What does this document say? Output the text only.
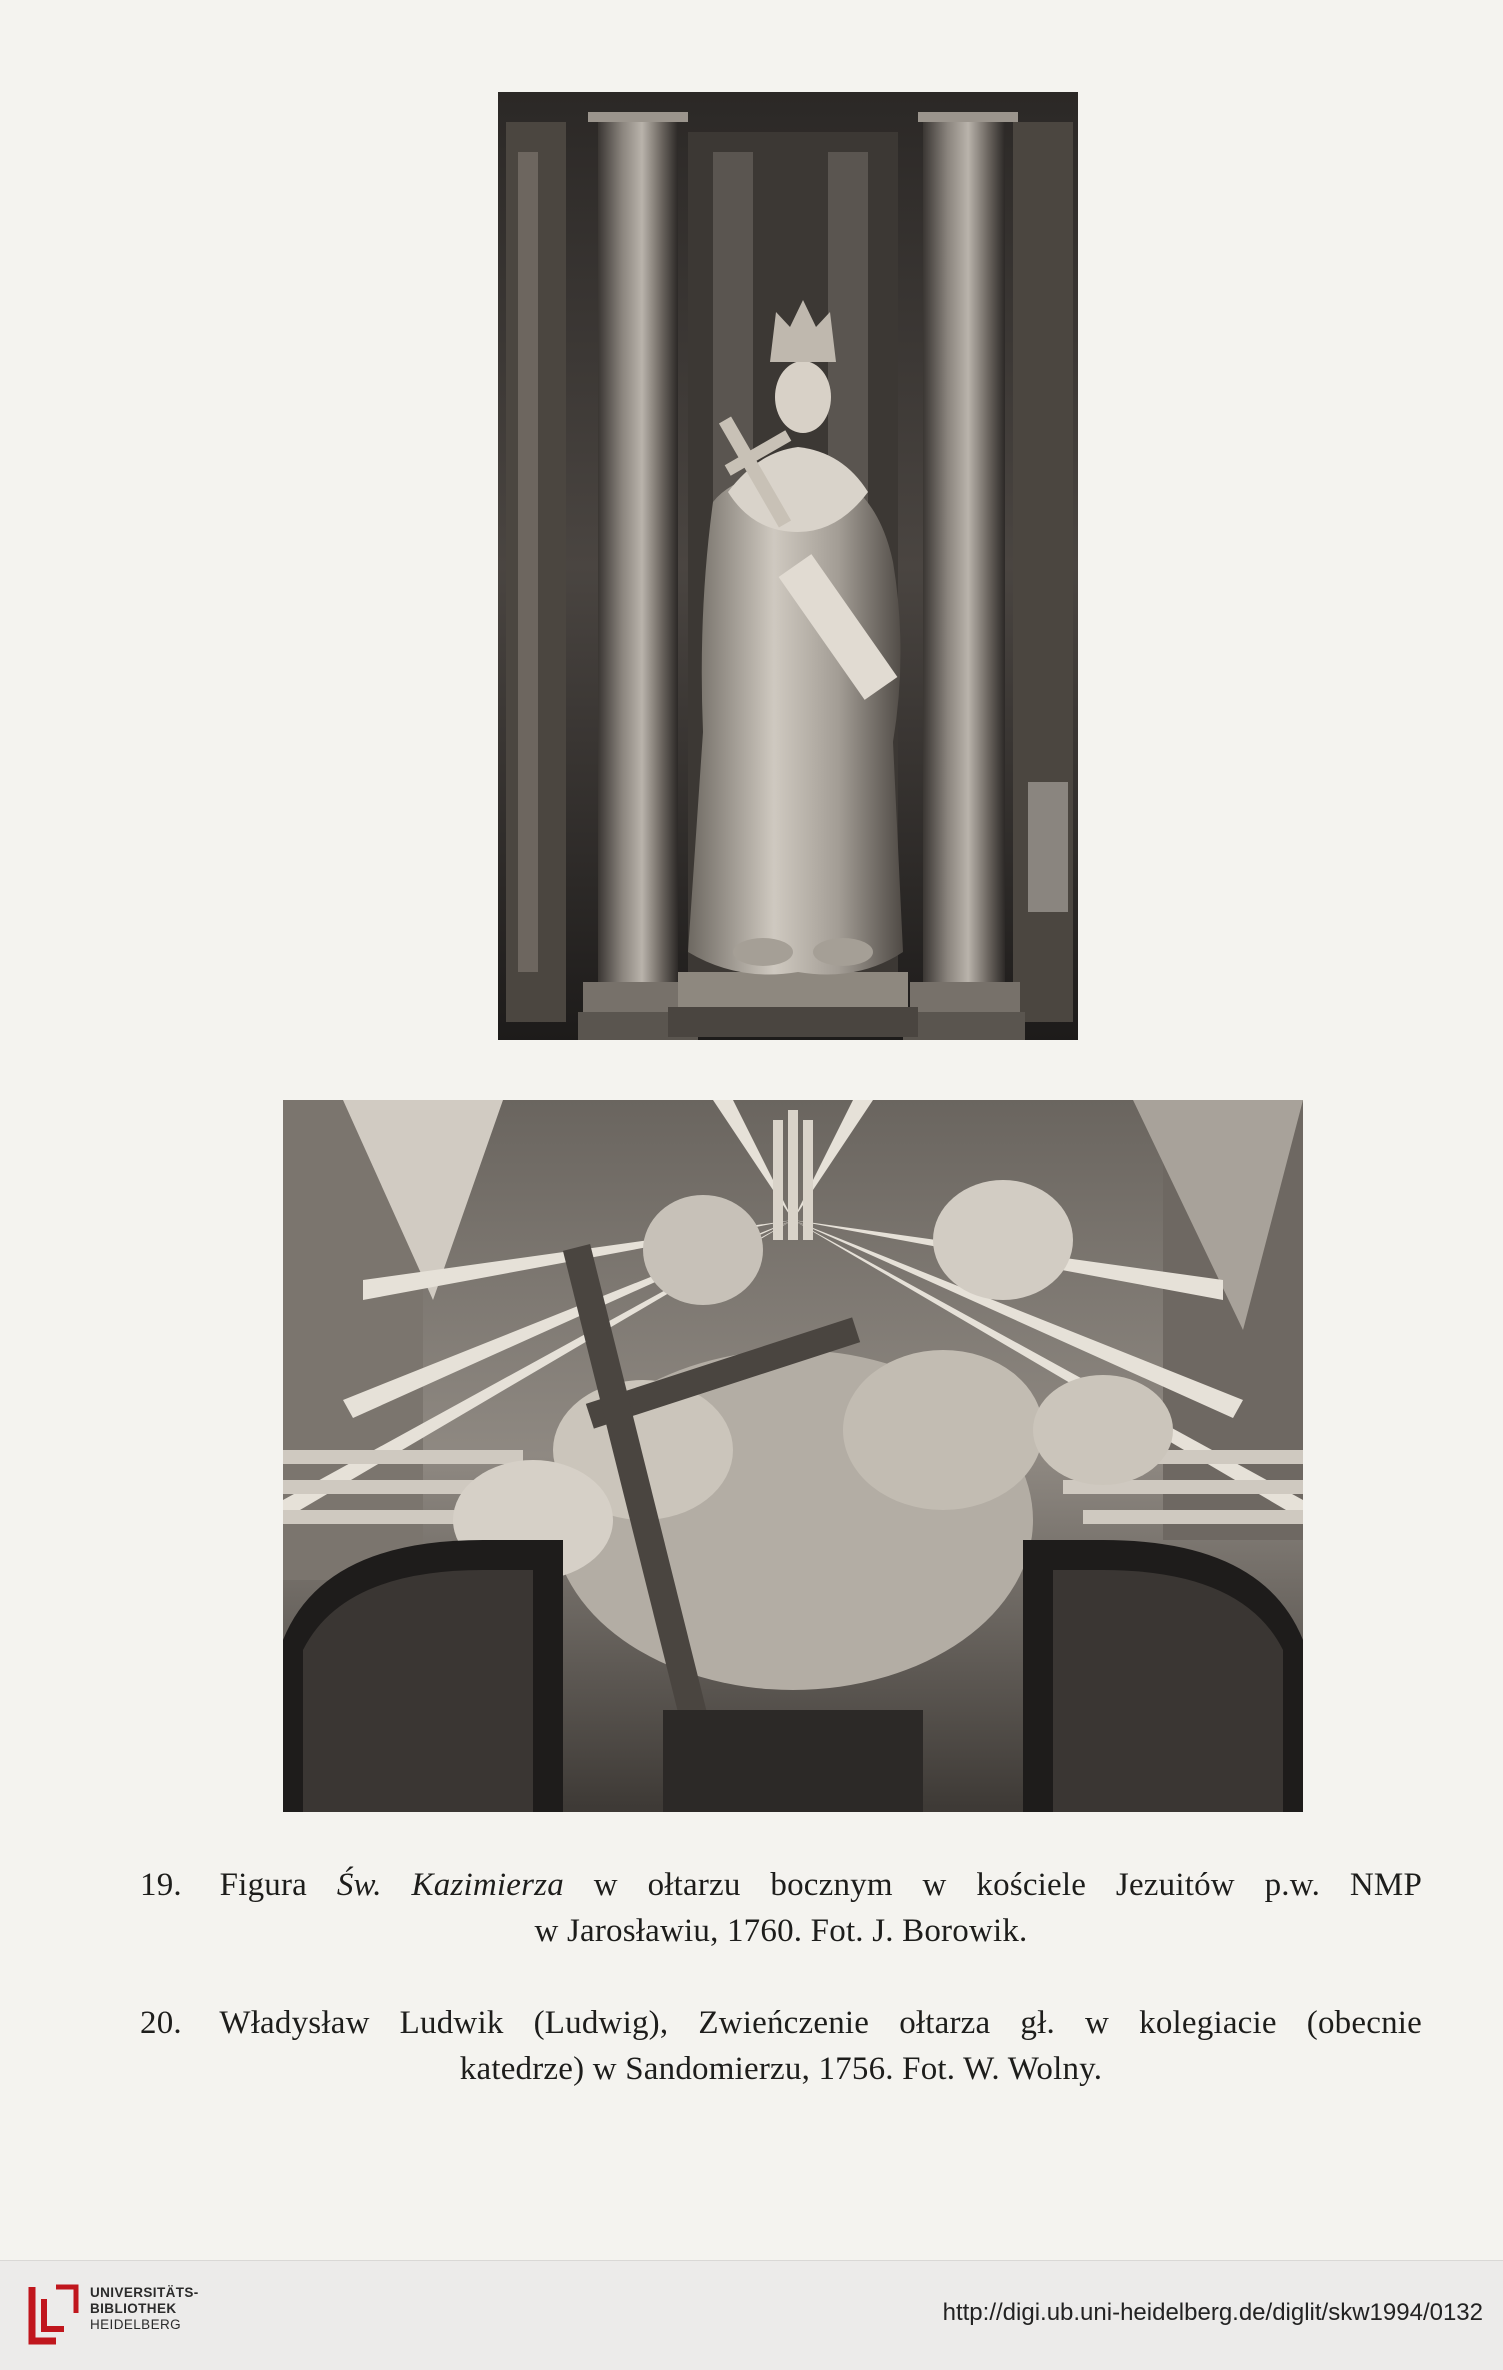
19. Figura Św. Kazimierza w ołtarzu bocznym w kościele Jezuitów p.w. NMP
w Jarosławiu, 1760. Fot. J. Borowik.
20. Władysław Ludwik (Ludwig), Zwieńczenie ołtarza gł. w kolegiacie (obecnie
katedrze) w Sandomierzu, 1756. Fot. W. Wolny.
UNIVERSITÄTS-
BIBLIOTHEK
HEIDELBERG	http://digi.ub.uni-heidelberg.de/diglit/skw1994/0132
